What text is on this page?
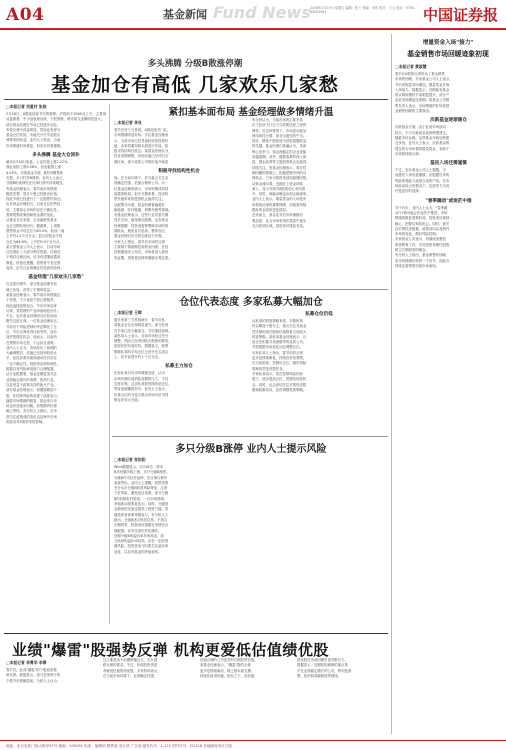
A04	基金新闻 Fund News 2016年2月19日 星期五 编辑：张三 美编：李四 校对：王五 电话：0755-83501581	中国证券报
多头沸腾 分级B散涨停潮
基金加仓有高低 几家欢乐几家愁
□本报记者 刘夏村 张绕
2月18日，A股延续春节后的强势，沪指收于2900点上方，主要指
从盘面看，中小创表现活跃，个股普涨，两市成交金额明显放大。
部分基金经理在节前已经逐步加仓，
本轮反弹中获益明显。然而也有部分
基金仓位较低，未能充分分享此轮反
弹带来的收益。业内人士指出，当前
市场情绪有所修复，但后市仍需谨慎。
多头沸腾 基金大仓回补
截至2月18日收盘，上证综指上涨2.22%，
深证成指上涨3.06%，创业板指上涨
4.03%。分级基金方面，B类份额集体
走强，多只杠杆B涨停。业内人士表示，
分级B的高弹性在反弹行情中体现明显。
有基金经理表示，春节前市场情绪
极度悲观，很多个股已经跌出价值，
因此节前已经进行了一定程度的加仓。
也有基金经理坦言，目前仓位依然较
低，主要担心市场仍存在不确定性，
需要观察政策面和资金面的变化。
从基金仓位来看，主动偏股型基金
仓位近期有所回升。据测算，上周股
票型基金平均仓位为83.4%，较前一周
上升约1.2个百分点；混合型基金平均
仓位为64.6%，上升约0.9个百分点。
某大型基金公司人士表示，目前市场
已经消化了大部分利空因素，估值处
于相对合理区间，后市有望继续震荡
修复。但他也提醒，投资者不宜过度
追高，应关注业绩确定性较高的品种。
基金经理"几家欢乐几家愁"
在这波行情中，部分基金经理节前
就已布局，获得了不错的收益。
某基金经理表示，春节前市场情绪过
于悲观，不少优质个股已被错杀，
因此选择逆势加仓。节后市场迎来
反弹，其管理的产品净值明显回升。
不过，也有基金经理因仓位较低而
错失这波反弹。一位基金经理坦言，
节前出于风险控制的考虑降低了仓
位，节后反弹来得比较突然，没有
及时把握住机会。他表示，目前仍
在观察市场走势，不会盲目追涨。
业内人士认为，市场经历了前期的
大幅调整后，估值已经回到较低水
平，但经济基本面和流动性仍存在
一定不确定性。投资者应保持理性，
根据自身风险承受能力合理配置。
从行业配置看，基金近期更加关注
业绩稳定增长的消费、医药行业，
以及受益于政策支持的新兴产业。
部分基金经理表示，将继续精选个
股，在控制风险的前提下适度参与。
随着市场情绪的修复，基金发行市
场也有望逐步回暖，但短期内仍需
耐心等待。有分析人士指出，后市
需关注政策面的变化以及海外市场
的波动对A股带来的影响。
紧扣基本面布局 基金经理做多情绪升温
□本报记者 李良
春节后首个交易周，A股迎来开门红，
市场情绪明显好转。多位基金经理表
示，当前市场已经具备较好的投资价
值，未来将紧扣基本面进行布局，积
极寻找结构性机会。某基金经理认为，
经过前期调整，市场估值已经回归合
理区间，部分优质公司的价值开始显
积极寻找结构性机会
现。在当前环境下，应当重点关注业
绩确定性强、估值合理的公司。另一
位基金经理则表示，市场短期或将延
续震荡格局，但中长期来看，经济转
型升级带来的投资机会值得关注。
从配置方向看，基金经理普遍看好
新能源、医疗健康、消费升级等领域。
有基金经理表示，这些行业具备长期
成长空间，值得重点配置。也有基金
经理提醒，投资者需要警惕市场的短
期波动，避免盲目追高。整体而言，
基金经理对后市的态度趋于乐观。
分析人士指出，春节后市场的反弹
主要源于情绪修复和资金回流。在经
济数据逐步公布后，市场将进入新的
验证期，投资者宜保持谨慎乐观态度。
有分析认为，当前市场的主要矛盾
在于经济下行压力与政策托底之间的
博弈。在这种背景下，市场更可能呈
现结构性行情，而非全面性的牛市。
因此，精选个股将成为获取超额收益
的关键。基金经理们普遍认为，具备
核心竞争力、现金流稳定的企业更能
穿越周期。此外，随着改革的深入推
进，国企改革等主题投资机会也值得
持续关注。有基金经理表示，将在控
制回撤的基础上，积极把握市场的反
弹机会，力争为投资者创造稳健回报。
从资金流向看，近期北上资金持续
流入，显示外资对A股的信心有所提
升。同时，两融余额也出现企稳迹象。
业内人士表示，增量资金的入场是市
场持续反弹的重要保障，后续需持续
跟踪资金面的变化情况。
总体而言，基金业对后市持谨慎乐
观态度，认为市场有望在震荡中逐步
走出底部区域，投资者可逢低布局。
仓位代表态度 多家私募大幅加仓
□本报记者 王辉
据多家第三方机构统计，春节后私
募基金仓位出现明显提升。部分私募
在节前已经大幅加仓，节后继续加码。
某私募人士表示，目前市场经过充分
调整，风险已经得到较大程度的释放，
是较好的布局时机。数据显示，股票
策略私募的平均仓位已回升至五成以
上，较节前提升约十个百分点。
私募主力加仓
也有私募对后市持谨慎态度，认为
市场仍需时间消化前期的压力，不宜
过度乐观。这类私募依然保持低仓位，
等待更明确的信号。业内人士表示，
私募仓位的分化反映出市场对后市判
断存在较大分歧。
私募仓位仍低
从私募的投资策略来看，多数机构
仍以精选个股为主，重点关注具备业
绩支撑的成长股和估值修复空间较大
的蓝筹股。某私募基金经理表示，目
前正在积极寻找被错杀的优质公司，
并将根据市场变化动态调整仓位。
另有私募人士指出，春节后的反弹
更多是情绪修复，持续性有待观察。
在当前阶段，控制好仓位、做好风险
管理依然是首要任务。
多家私募表示，将在控制风险的前
提下，逐步提高仓位，把握结构性机
会。同时，也会密切关注宏观经济数
据和政策动向，及时调整投资策略。
多只分级B涨停 业内人士提示风险
□本报记者 张如阳
Wind数据显示，2月18日，两市
B类份额多数上涨，多只分级B涨停。
分级B作为杠杆品种，在反弹行情中
表现突出。业内人士提醒，投资者需
充分认识分级B的高风险特征，注意
下折风险，避免盲目追涨。部分分级
B的价格杠杆较高，一旦市场回调，
净值波动将明显放大。同时，分级基
金新规的实施也提高了投资门槛，普
通投资者需要审慎参与。有分析人士
指出，分级B适合短线交易，不适合
长期持有，投资者应根据自身情况合
理配置，切勿过度杠杆化操作。
近期分级B的溢价率有所波动，部
分品种的溢价率较高，存在一定的回
落风险。投资者参与时需关注溢价率
变化，以及母基金的净值表现。
增量资金入场"接力"
基金销售市场回暖迹象初现
□本报记者 黄淑慧
春节后A股的反弹带动了基金销售
市场的回暖。多家基金公司人士表示，
节后申购量有所增加，增量资金开始
入场接力。数据显示，近期新发基金
的认购规模较节前明显提升，部分产
品首发规模超过预期。某基金公司销
售负责人表示，市场情绪的好转是基
金销售回暖的主要原因。
次新基金逐渐建仓
次新基金方面，由于此前市场波动
较大，不少次新基金选择缓慢建仓。
随着市场企稳，这些基金开始加快建
仓步伐。业内人士表示，次新基金的
建仓将为市场提供增量资金，有助于
市场的持续反弹。
基民入场还需谨慎
不过，也有基金公司人士提醒，当
前基民入场仍需谨慎，应根据自身的
风险承受能力选择合适的产品。在市
场波动较大的情况下，定投等方式或
许是更好的选择。
"春季躁动"或迷茫中推
对于后市，业内人士认为，"春季躁
动"行情可能会在迷茫中推进。市场
情绪的修复需要时间，投资者应保持
耐心，把握结构性机会。同时，需关
注宏观经济数据、政策动向以及海外
市场的变化，做好风险控制。
多家基金公司表示，将继续加强投
资者教育工作，引导投资者理性投资，
树立长期投资的理念。
有分析人士指出，基金销售的回暖
是市场情绪好转的一个信号，但能否
持续还需观察后续市场表现。
业绩"爆雷"股强势反弹 机构更爱低估值绩优股
□本报记者 李菁华 李慕
春节后，此前"爆雷"的个股迎来强
势反弹。数据显示，部分业绩预亏的
个股节后涨幅居前。分析人士认为，
这主要是由于前期跌幅过大，存在超
跌反弹的需求。不过，机构投资者更
青睐低估值的绩优股。多家机构表示，
在当前市场环境下，业绩确定性强、
估值合理的公司更具有长期投资价值。
某基金经理表示，"爆雷"股的反弹
更多是情绪驱动，缺乏基本面支撑，
持续性值得怀疑。相比之下，低估值
绩优股在市场回暖时更具吸引力。
数据显示，近期机构调研的重点集
中在业绩稳定增长的公司，特别是消
费、医药和高端制造等领域。
地址：北京宣武门西大街甲97号 邮编：100031 电话：编辑部 销售部 发行部 广告部 邮发代号：1-175 国外代号：D1228 各地邮局均可订阅
